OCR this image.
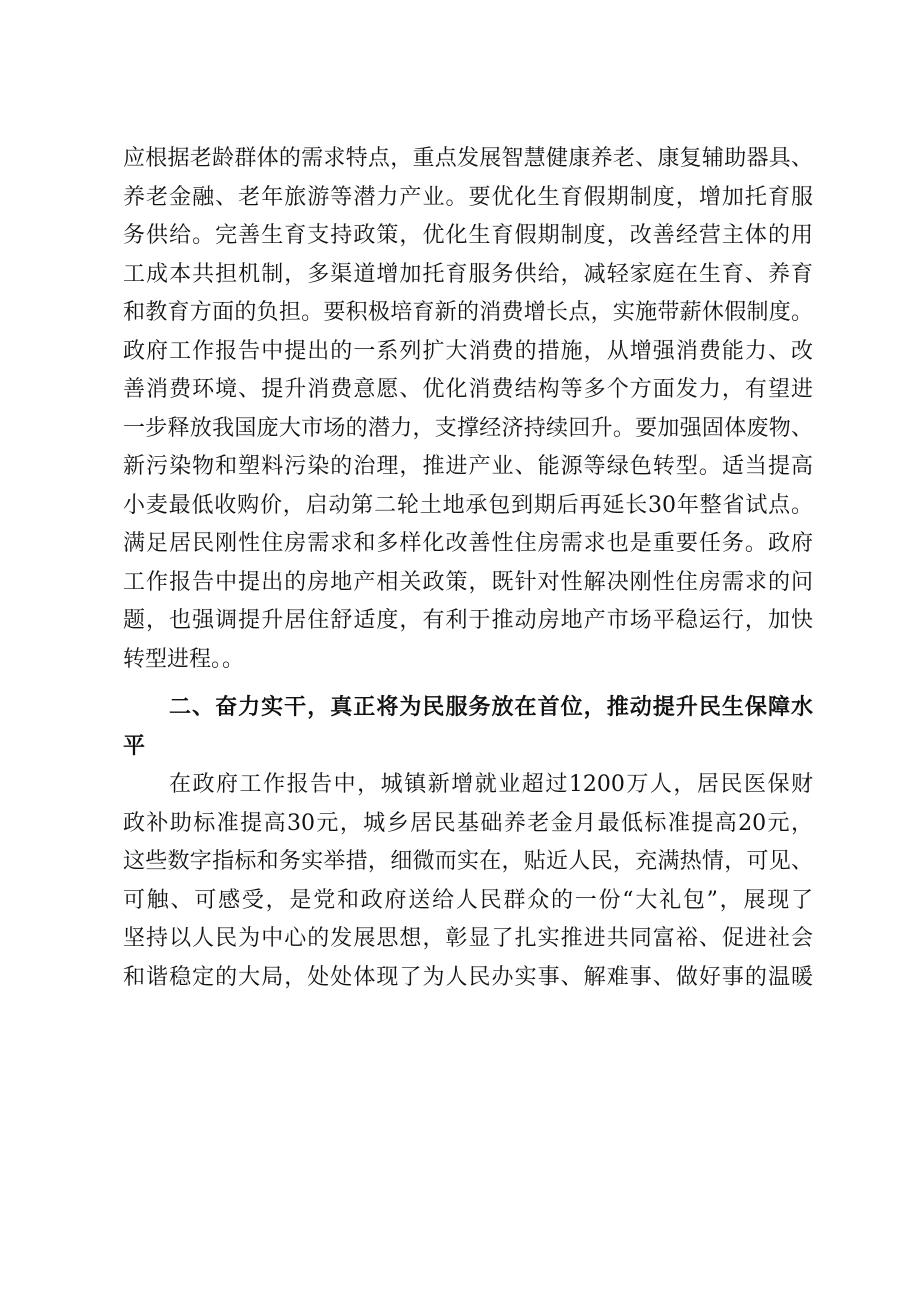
应根据老龄群体的需求特点，重点发展智慧健康养老、康复辅助器具、
养老金融、老年旅游等潜力产业。要优化生育假期制度，增加托育服
务供给。完善生育支持政策，优化生育假期制度，改善经营主体的用
工成本共担机制，多渠道增加托育服务供给，减轻家庭在生育、养育
和教育方面的负担。要积极培育新的消费增长点，实施带薪休假制度。
政府工作报告中提出的一系列扩大消费的措施，从增强消费能力、改
善消费环境、提升消费意愿、优化消费结构等多个方面发力，有望进
一步释放我国庞大市场的潜力，支撑经济持续回升。要加强固体废物、
新污染物和塑料污染的治理，推进产业、能源等绿色转型。适当提高
小麦最低收购价，启动第二轮土地承包到期后再延长30年整省试点。
满足居民刚性住房需求和多样化改善性住房需求也是重要任务。政府
工作报告中提出的房地产相关政策，既针对性解决刚性住房需求的问
题，也强调提升居住舒适度，有利于推动房地产市场平稳运行，加快
转型进程。。
二、奋力实干，真正将为民服务放在首位，推动提升民生保障水
平
在政府工作报告中，城镇新增就业超过1200万人，居民医保财
政补助标准提高30元，城乡居民基础养老金月最低标准提高20元，
这些数字指标和务实举措，细微而实在，贴近人民，充满热情，可见、
可触、可感受，是党和政府送给人民群众的一份“大礼包”，展现了
坚持以人民为中心的发展思想，彰显了扎实推进共同富裕、促进社会
和谐稳定的大局，处处体现了为人民办实事、解难事、做好事的温暖
